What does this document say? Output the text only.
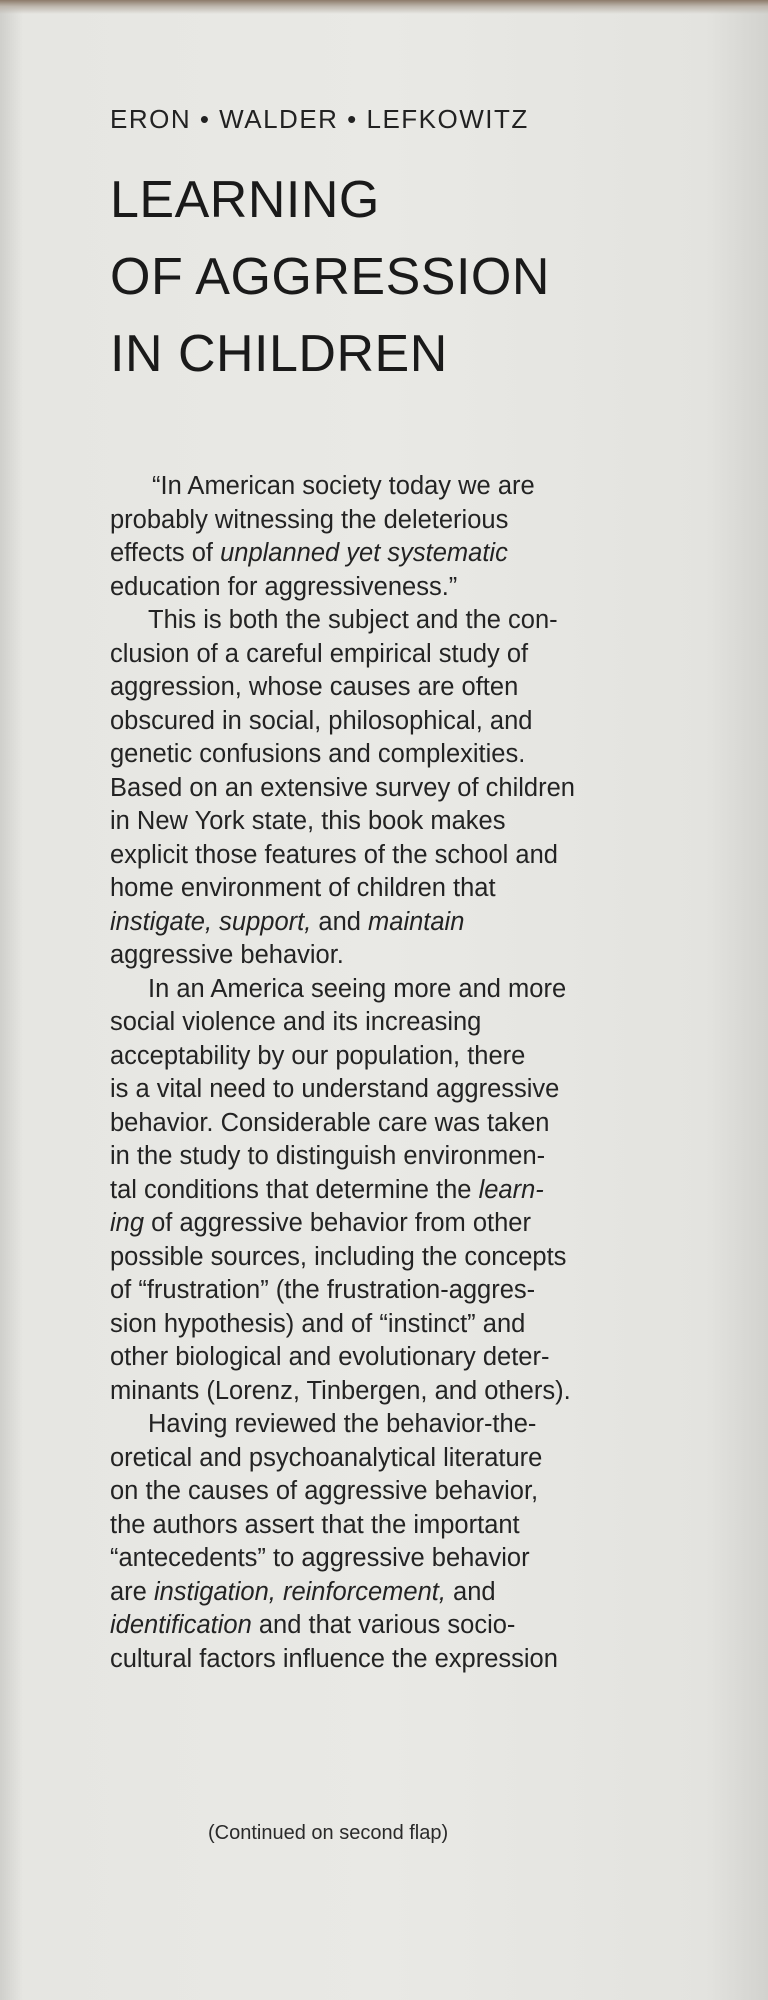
ERON • WALDER • LEFKOWITZ
LEARNING
OF AGGRESSION
IN CHILDREN
“In American society today we are
probably witnessing the deleterious
effects of unplanned yet systematic
education for aggressiveness.”
This is both the subject and the con-
clusion of a careful empirical study of
aggression, whose causes are often
obscured in social, philosophical, and
genetic confusions and complexities.
Based on an extensive survey of children
in New York state, this book makes
explicit those features of the school and
home environment of children that
instigate, support, and maintain
aggressive behavior.
In an America seeing more and more
social violence and its increasing
acceptability by our population, there
is a vital need to understand aggressive
behavior. Considerable care was taken
in the study to distinguish environmen-
tal conditions that determine the learn-
ing of aggressive behavior from other
possible sources, including the concepts
of “frustration” (the frustration-aggres-
sion hypothesis) and of “instinct” and
other biological and evolutionary deter-
minants (Lorenz, Tinbergen, and others).
Having reviewed the behavior-the-
oretical and psychoanalytical literature
on the causes of aggressive behavior,
the authors assert that the important
“antecedents” to aggressive behavior
are instigation, reinforcement, and
identification and that various socio-
cultural factors influence the expression
(Continued on second flap)
